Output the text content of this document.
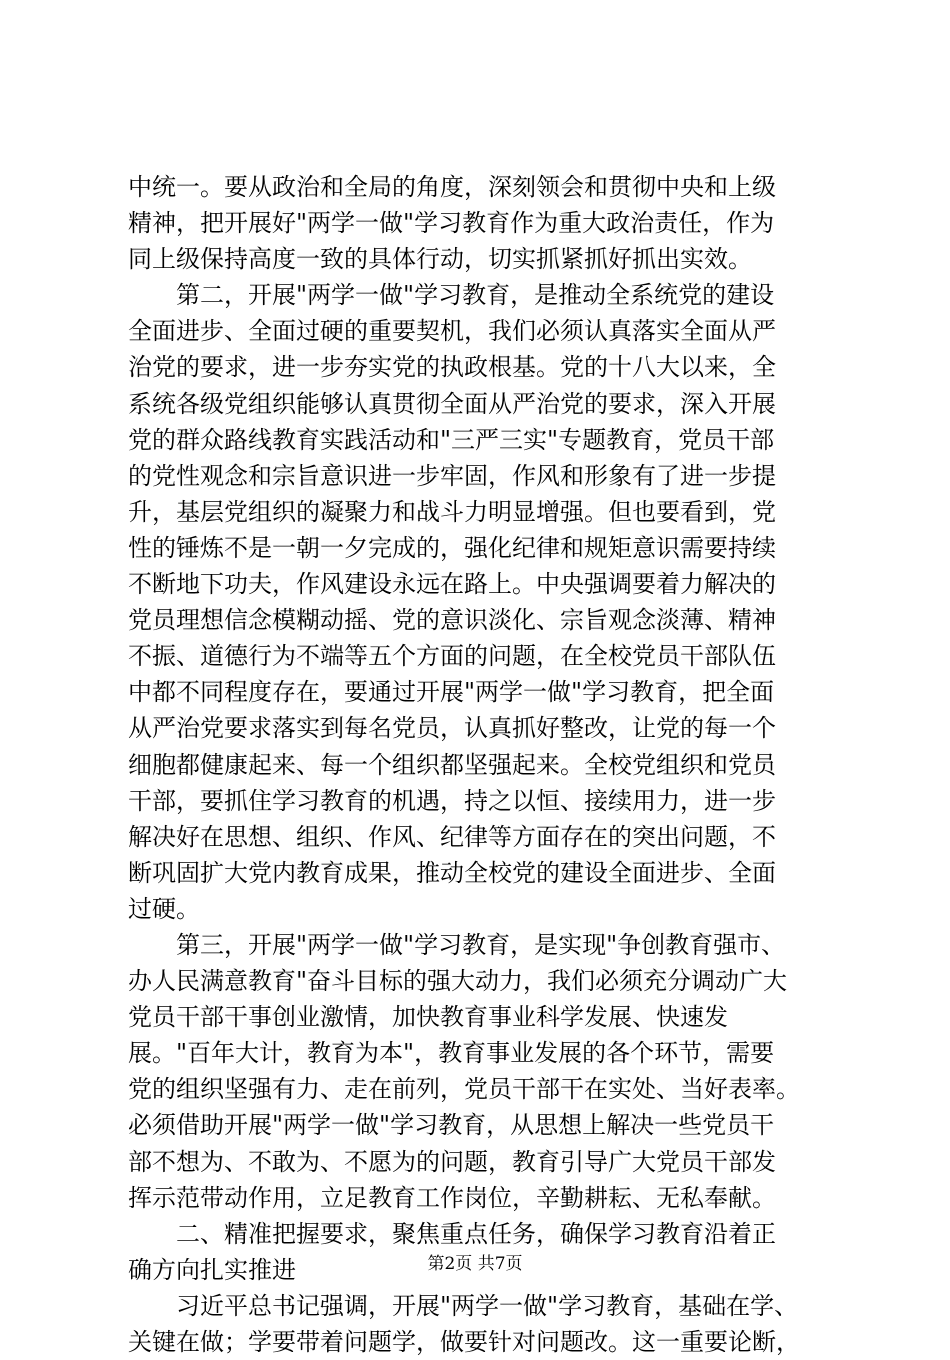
中统一。要从政治和全局的角度，深刻领会和贯彻中央和上级
精神，把开展好"两学一做"学习教育作为重大政治责任，作为
同上级保持高度一致的具体行动，切实抓紧抓好抓出实效。
　　第二，开展"两学一做"学习教育，是推动全系统党的建设
全面进步、全面过硬的重要契机，我们必须认真落实全面从严
治党的要求，进一步夯实党的执政根基。党的十八大以来，全
系统各级党组织能够认真贯彻全面从严治党的要求，深入开展
党的群众路线教育实践活动和"三严三实"专题教育，党员干部
的党性观念和宗旨意识进一步牢固，作风和形象有了进一步提
升，基层党组织的凝聚力和战斗力明显增强。但也要看到，党
性的锤炼不是一朝一夕完成的，强化纪律和规矩意识需要持续
不断地下功夫，作风建设永远在路上。中央强调要着力解决的
党员理想信念模糊动摇、党的意识淡化、宗旨观念淡薄、精神
不振、道德行为不端等五个方面的问题，在全校党员干部队伍
中都不同程度存在，要通过开展"两学一做"学习教育，把全面
从严治党要求落实到每名党员，认真抓好整改，让党的每一个
细胞都健康起来、每一个组织都坚强起来。全校党组织和党员
干部，要抓住学习教育的机遇，持之以恒、接续用力，进一步
解决好在思想、组织、作风、纪律等方面存在的突出问题，不
断巩固扩大党内教育成果，推动全校党的建设全面进步、全面
过硬。
　　第三，开展"两学一做"学习教育，是实现"争创教育强市、
办人民满意教育"奋斗目标的强大动力，我们必须充分调动广大
党员干部干事创业激情，加快教育事业科学发展、快速发
展。"百年大计，教育为本"，教育事业发展的各个环节，需要
党的组织坚强有力、走在前列，党员干部干在实处、当好表率。
必须借助开展"两学一做"学习教育，从思想上解决一些党员干
部不想为、不敢为、不愿为的问题，教育引导广大党员干部发
挥示范带动作用，立足教育工作岗位，辛勤耕耘、无私奉献。
　　二、精准把握要求，聚焦重点任务，确保学习教育沿着正
确方向扎实推进
　　习近平总书记强调，开展"两学一做"学习教育，基础在学、
关键在做；学要带着问题学，做要针对问题改。这一重要论断，
第2页 共7页
